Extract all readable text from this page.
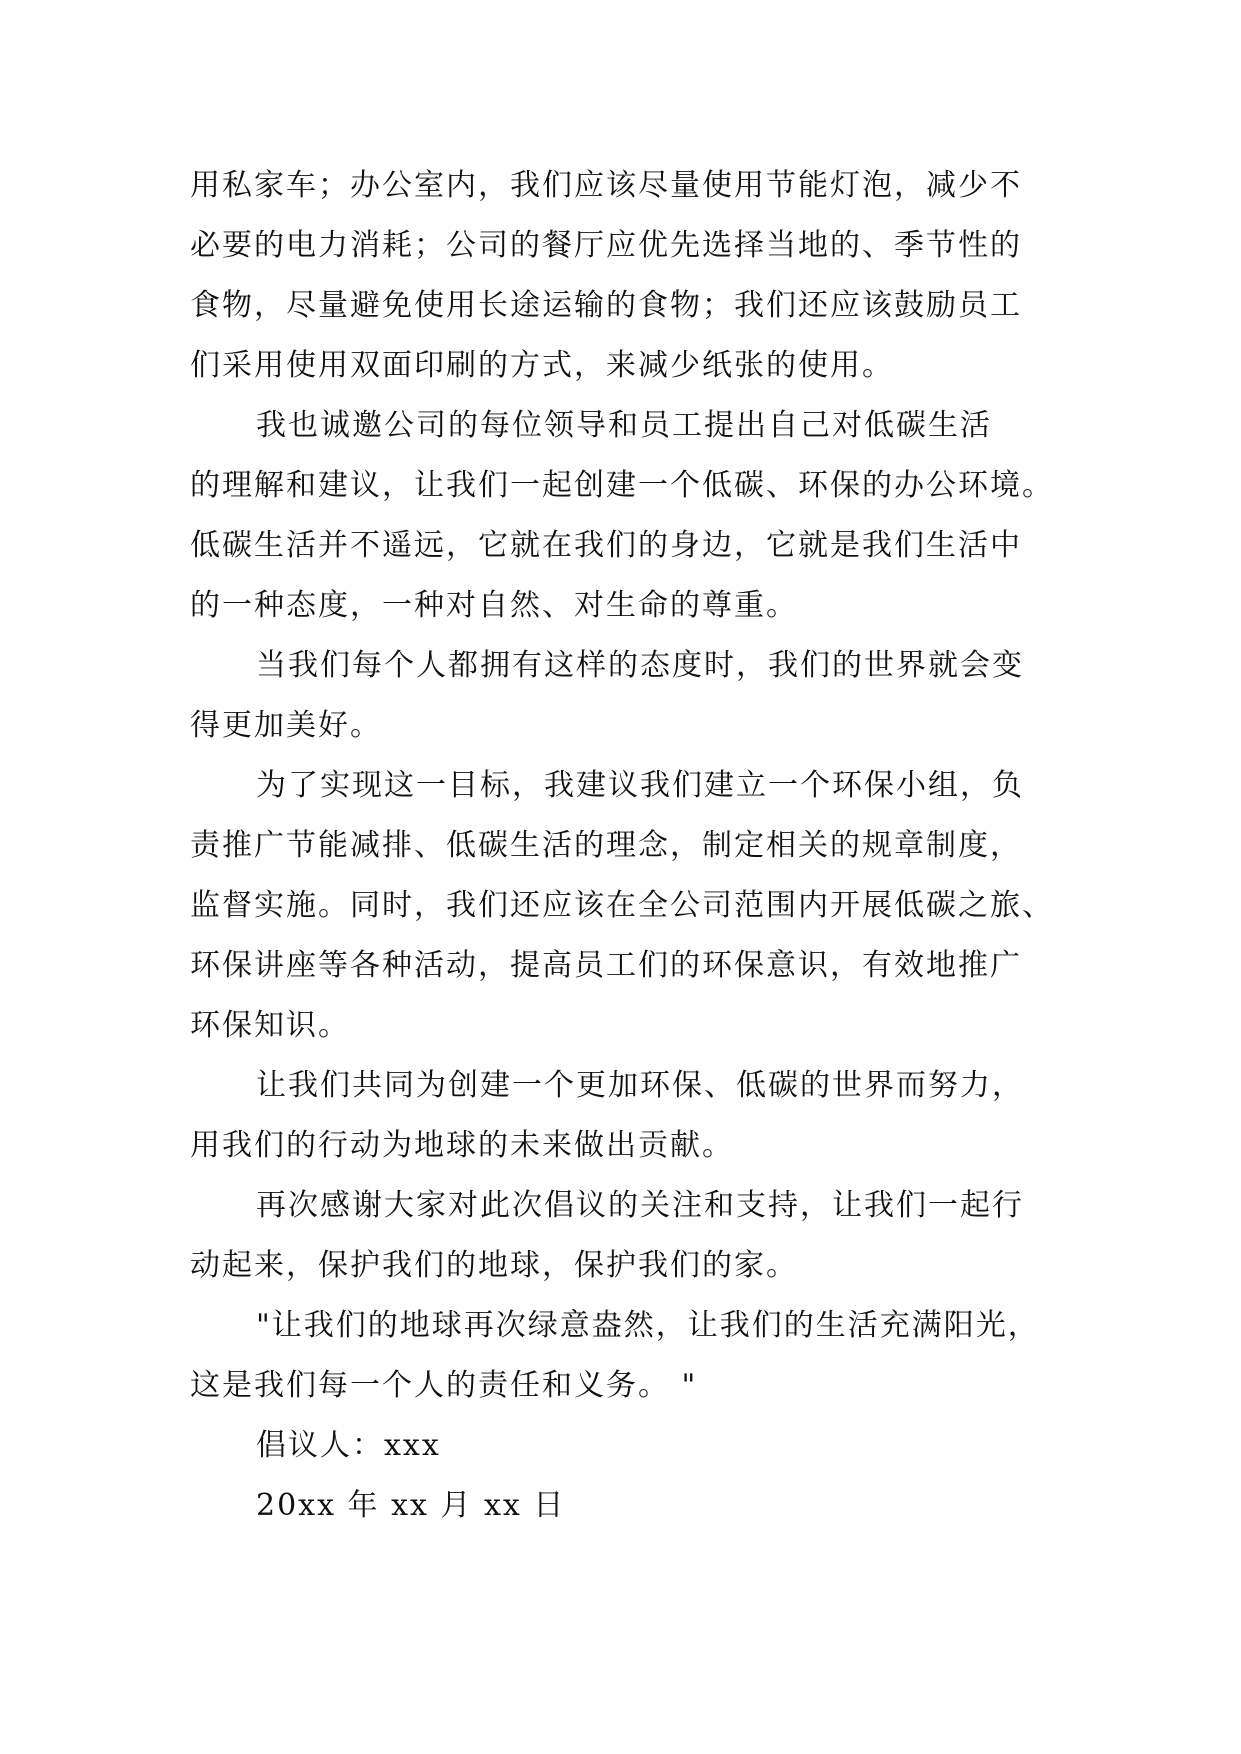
用私家车；办公室内，我们应该尽量使用节能灯泡，减少不
必要的电力消耗；公司的餐厅应优先选择当地的、季节性的
食物，尽量避免使用长途运输的食物；我们还应该鼓励员工
们采用使用双面印刷的方式，来减少纸张的使用。
我也诚邀公司的每位领导和员工提出自己对低碳生活
的理解和建议，让我们一起创建一个低碳、环保的办公环境。
低碳生活并不遥远，它就在我们的身边，它就是我们生活中
的一种态度，一种对自然、对生命的尊重。
当我们每个人都拥有这样的态度时，我们的世界就会变
得更加美好。
为了实现这一目标，我建议我们建立一个环保小组，负
责推广节能减排、低碳生活的理念，制定相关的规章制度，
监督实施。同时，我们还应该在全公司范围内开展低碳之旅、
环保讲座等各种活动，提高员工们的环保意识，有效地推广
环保知识。
让我们共同为创建一个更加环保、低碳的世界而努力，
用我们的行动为地球的未来做出贡献。
再次感谢大家对此次倡议的关注和支持，让我们一起行
动起来，保护我们的地球，保护我们的家。
"让我们的地球再次绿意盎然，让我们的生活充满阳光，
这是我们每一个人的责任和义务。 "
倡议人：xxx
20xx 年 xx 月 xx 日
